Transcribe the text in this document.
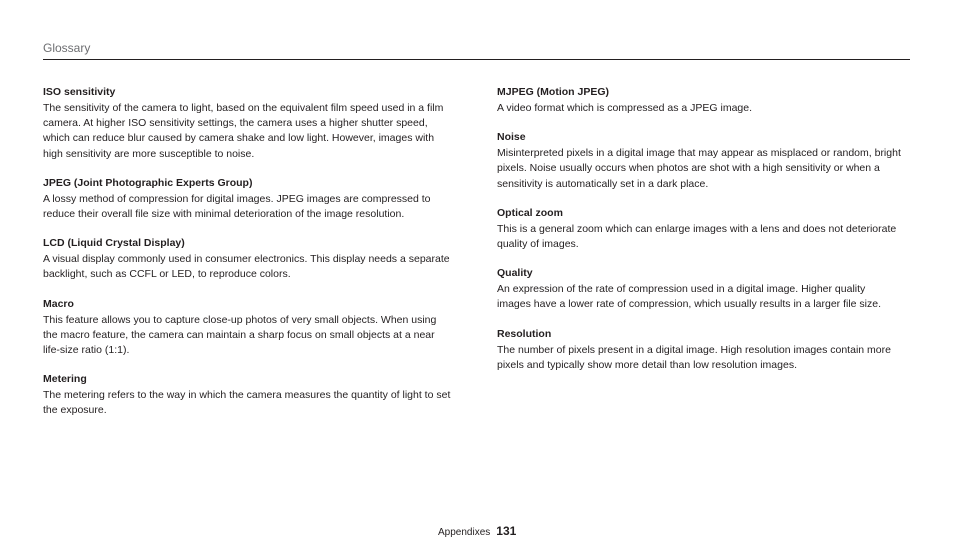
Glossary

ISO sensitivity

The sensitivity of the camera to light, based on the equivalent film speed used in a film camera. At higher ISO sensitivity settings, the camera uses a higher shutter speed, which can reduce blur caused by camera shake and low light. However, images with high sensitivity are more susceptible to noise.

JPEG (Joint Photographic Experts Group)

A lossy method of compression for digital images. JPEG images are compressed to reduce their overall file size with minimal deterioration of the image resolution.

LCD (Liquid Crystal Display)

A visual display commonly used in consumer electronics. This display needs a separate backlight, such as CCFL or LED, to reproduce colors.

Macro

This feature allows you to capture close-up photos of very small objects. When using the macro feature, the camera can maintain a sharp focus on small objects at a near life-size ratio (1:1).

Metering

The metering refers to the way in which the camera measures the quantity of light to set the exposure.

MJPEG (Motion JPEG)

A video format which is compressed as a JPEG image.

Noise

Misinterpreted pixels in a digital image that may appear as misplaced or random, bright pixels. Noise usually occurs when photos are shot with a high sensitivity or when a sensitivity is automatically set in a dark place.

Optical zoom

This is a general zoom which can enlarge images with a lens and does not deteriorate quality of images.

Quality

An expression of the rate of compression used in a digital image. Higher quality images have a lower rate of compression, which usually results in a larger file size.

Resolution

The number of pixels present in a digital image. High resolution images contain more pixels and typically show more detail than low resolution images.

Appendixes 131
